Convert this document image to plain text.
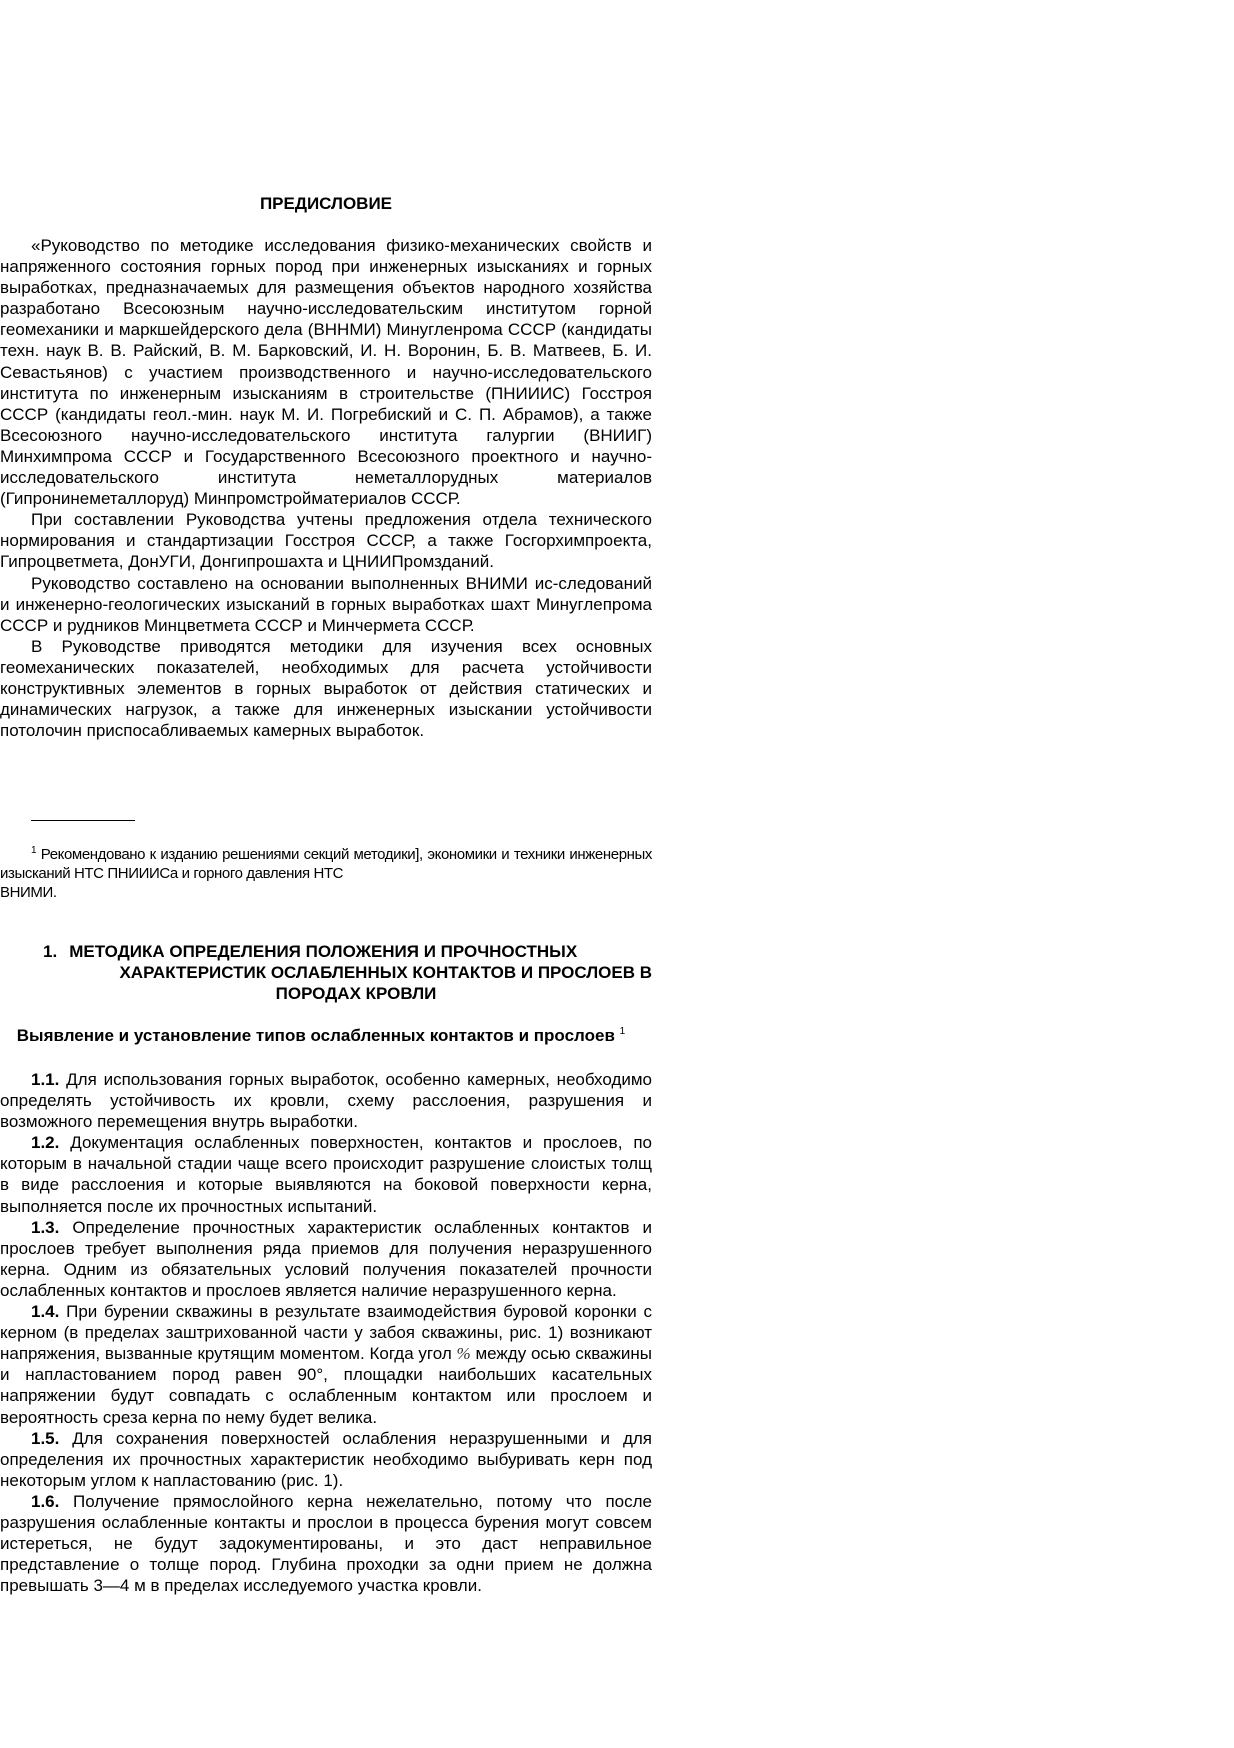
ПРЕДИСЛОВИЕ

«Руководство по методике исследования физико-механических свойств и напряженного состояния горных пород при инженерных изысканиях и горных выработках, предназначаемых для размещения объектов народного хозяйства разработано Всесоюзным научно-исследовательским институтом горной геомеханики и маркшейдерского дела (ВННМИ) Минугленрома СССР (кандидаты техн. наук В. В. Райский, В. М. Барковский, И. Н. Воронин, Б. В. Матвеев, Б. И. Севастьянов) с участием производственного и научно-исследовательского института по инженерным изысканиям в строительстве (ПНИИИС) Госстроя СССР (кандидаты геол.-мин. наук М. И. Погребиский и С. П. Абрамов), а также Всесоюзного научно-исследовательского института галургии (ВНИИГ) Минхимпрома СССР и Государственного Всесоюзного проектного и научно-исследовательского института неметаллорудных материалов (Гипронинеметаллоруд) Минпромстройматериалов СССР.

При составлении Руководства учтены предложения отдела технического нормирования и стандартизации Госстроя СССР, а также Госгорхимпроекта, Гипроцветмета, ДонУГИ, Донгипрошахта и ЦНИИПромзданий.

Руководство составлено на основании выполненных ВНИМИ ис-следований и инженерно-геологических изысканий в горных выработках шахт Минуглепрома СССР и рудников Минцветмета СССР и Минчермета СССР.

В Руководстве приводятся методики для изучения всех основных геомеханических показателей, необходимых для расчета устойчивости конструктивных элементов в горных выработок от действия статических и динамических нагрузок, а также для инженерных изыскании устойчивости потолочин приспосабливаемых камерных выработок.

$^1$ Рекомендовано к изданию решениями секций методики], экономики и техники инженерных изысканий НТС ПНИИИСа и горного давления НТС

ВНИМИ.
1. МЕТОДИКА ОПРЕДЕЛЕНИЯ ПОЛОЖЕНИЯ И ПРОЧНОСТНЫХ
ХАРАКТЕРИСТИК ОСЛАБЛЕННЫХ КОНТАКТОВ И ПРОСЛОЕВ В
ПОРОДАХ КРОВЛИ
Выявление и установление типов ослабленных контактов и прослоев $^1$

1.1. Для использования горных выработок, особенно камерных, необходимо определять устойчивость их кровли, схему расслоения, разрушения и возможного перемещения внутрь выработки.

1.2. Документация ослабленных поверхностен, контактов и прослоев, по которым в начальной стадии чаще всего происходит разрушение слоистых толщ в виде расслоения и которые выявляются на боковой поверхности керна, выполняется после их прочностных испытаний.

1.3. Определение прочностных характеристик ослабленных контактов и прослоев требует выполнения ряда приемов для получения неразрушенного керна. Одним из обязательных условий получения показателей прочности ослабленных контактов и прослоев является наличие неразрушенного керна.

1.4. При бурении скважины в результате взаимодействия буровой коронки с керном (в пределах заштрихованной части у забоя скважины, рис. 1) возникают напряжения, вызванные крутящим моментом. Когда угол % между осью скважины и напластованием пород равен 90°, площадки наибольших касательных напряжении будут совпадать с ослабленным контактом или прослоем и вероятность среза керна по нему будет велика.

1.5. Для сохранения поверхностей ослабления неразрушенными и для определения их прочностных характеристик необходимо выбуривать керн под некоторым углом к напластованию (рис. 1).

1.6. Получение прямослойного керна нежелательно, потому что после разрушения ослабленные контакты и прослои в процесса бурения могут совсем истереться, не будут задокументированы, и это даст неправильное представление о толще пород. Глубина проходки за одни прием не должна превышать 3—4 м в пределах исследуемого участка кровли.
